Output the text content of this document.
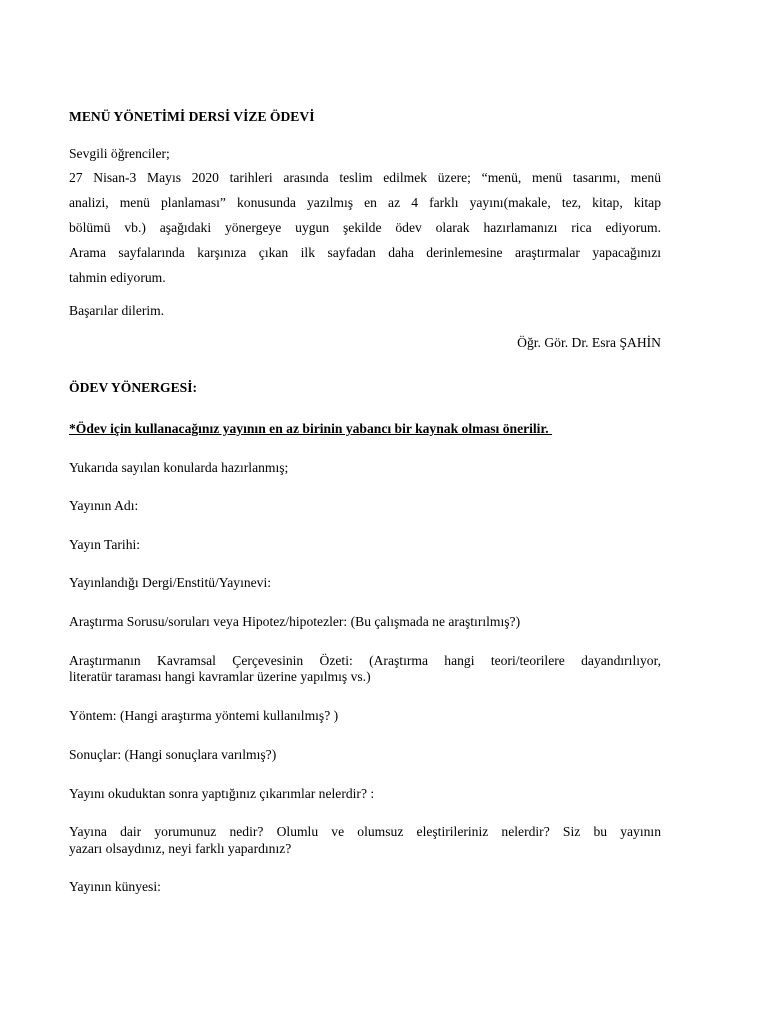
MENÜ YÖNETİMİ DERSİ VİZE ÖDEVİ
Sevgili öğrenciler;
27 Nisan-3 Mayıs 2020 tarihleri arasında teslim edilmek üzere; “menü, menü tasarımı, menü
analizi, menü planlaması” konusunda yazılmış en az 4 farklı yayını(makale, tez, kitap, kitap
bölümü vb.) aşağıdaki yönergeye uygun şekilde ödev olarak hazırlamanızı rica ediyorum.
Arama sayfalarında karşınıza çıkan ilk sayfadan daha derinlemesine araştırmalar yapacağınızı
tahmin ediyorum.
Başarılar dilerim.
Öğr. Gör. Dr. Esra ŞAHİN
ÖDEV YÖNERGESİ:
*Ödev için kullanacağınız yayının en az birinin yabancı bir kaynak olması önerilir.
Yukarıda sayılan konularda hazırlanmış;
Yayının Adı:
Yayın Tarihi:
Yayınlandığı Dergi/Enstitü/Yayınevi:
Araştırma Sorusu/soruları veya Hipotez/hipotezler: (Bu çalışmada ne araştırılmış?)
Araştırmanın Kavramsal Çerçevesinin Özeti: (Araştırma hangi teori/teorilere dayandırılıyor,
literatür taraması hangi kavramlar üzerine yapılmış vs.)
Yöntem: (Hangi araştırma yöntemi kullanılmış? )
Sonuçlar: (Hangi sonuçlara varılmış?)
Yayını okuduktan sonra yaptığınız çıkarımlar nelerdir? :
Yayına dair yorumunuz nedir? Olumlu ve olumsuz eleştirileriniz nelerdir? Siz bu yayının
yazarı olsaydınız, neyi farklı yapardınız?
Yayının künyesi:
